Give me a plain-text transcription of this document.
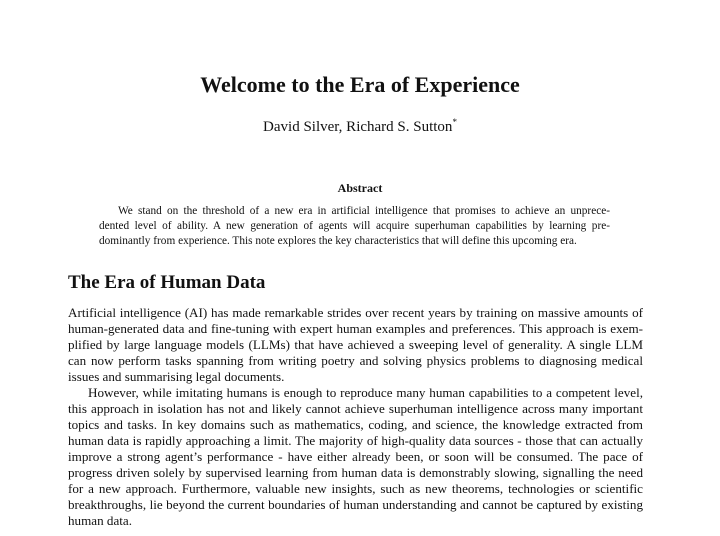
Welcome to the Era of Experience
David Silver, Richard S. Sutton*
Abstract
We stand on the threshold of a new era in artificial intelligence that promises to achieve an unprece-
dented level of ability. A new generation of agents will acquire superhuman capabilities by learning pre-
dominantly from experience. This note explores the key characteristics that will define this upcoming era.
The Era of Human Data
Artificial intelligence (AI) has made remarkable strides over recent years by training on massive amounts of
human-generated data and fine-tuning with expert human examples and preferences. This approach is exem-
plified by large language models (LLMs) that have achieved a sweeping level of generality. A single LLM
can now perform tasks spanning from writing poetry and solving physics problems to diagnosing medical
issues and summarising legal documents.
However, while imitating humans is enough to reproduce many human capabilities to a competent level,
this approach in isolation has not and likely cannot achieve superhuman intelligence across many important
topics and tasks. In key domains such as mathematics, coding, and science, the knowledge extracted from
human data is rapidly approaching a limit. The majority of high-quality data sources - those that can actually
improve a strong agent’s performance - have either already been, or soon will be consumed. The pace of
progress driven solely by supervised learning from human data is demonstrably slowing, signalling the need
for a new approach. Furthermore, valuable new insights, such as new theorems, technologies or scientific
breakthroughs, lie beyond the current boundaries of human understanding and cannot be captured by existing
human data.
